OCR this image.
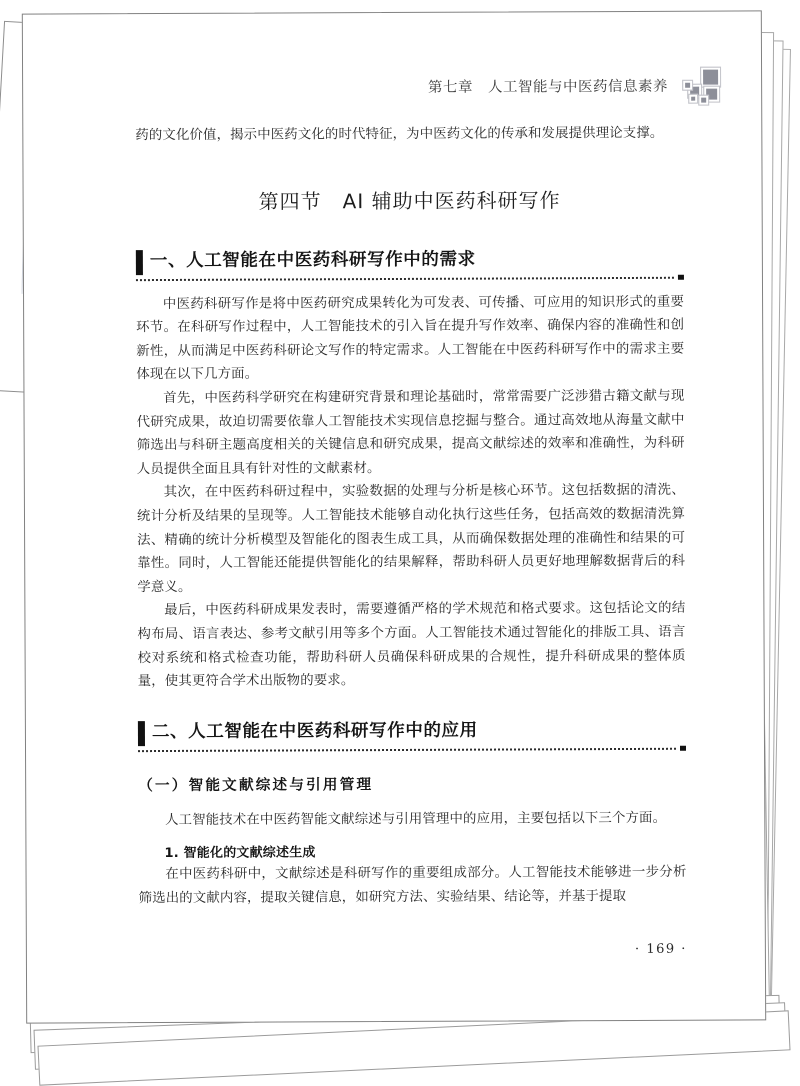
第七章　人工智能与中医药信息素养

药的文化价值，揭示中医药文化的时代特征，为中医药文化的传承和发展提供理论支撑。

第四节　AI 辅助中医药科研写作
一、人工智能在中医药科研写作中的需求

中医药科研写作是将中医药研究成果转化为可发表、可传播、可应用的知识形式的重要环节。在科研写作过程中，人工智能技术的引入旨在提升写作效率、确保内容的准确性和创新性，从而满足中医药科研论文写作的特定需求。人工智能在中医药科研写作中的需求主要体现在以下几方面。

首先，中医药科学研究在构建研究背景和理论基础时，常常需要广泛涉猎古籍文献与现代研究成果，故迫切需要依靠人工智能技术实现信息挖掘与整合。通过高效地从海量文献中筛选出与科研主题高度相关的关键信息和研究成果，提高文献综述的效率和准确性，为科研人员提供全面且具有针对性的文献素材。

其次，在中医药科研过程中，实验数据的处理与分析是核心环节。这包括数据的清洗、统计分析及结果的呈现等。人工智能技术能够自动化执行这些任务，包括高效的数据清洗算法、精确的统计分析模型及智能化的图表生成工具，从而确保数据处理的准确性和结果的可靠性。同时，人工智能还能提供智能化的结果解释，帮助科研人员更好地理解数据背后的科学意义。

最后，中医药科研成果发表时，需要遵循严格的学术规范和格式要求。这包括论文的结构布局、语言表达、参考文献引用等多个方面。人工智能技术通过智能化的排版工具、语言校对系统和格式检查功能，帮助科研人员确保科研成果的合规性，提升科研成果的整体质量，使其更符合学术出版物的要求。

二、人工智能在中医药科研写作中的应用
（一）智能文献综述与引用管理

人工智能技术在中医药智能文献综述与引用管理中的应用，主要包括以下三个方面。

1. 智能化的文献综述生成

在中医药科研中，文献综述是科研写作的重要组成部分。人工智能技术能够进一步分析筛选出的文献内容，提取关键信息，如研究方法、实验结果、结论等，并基于提取

· 169 ·
